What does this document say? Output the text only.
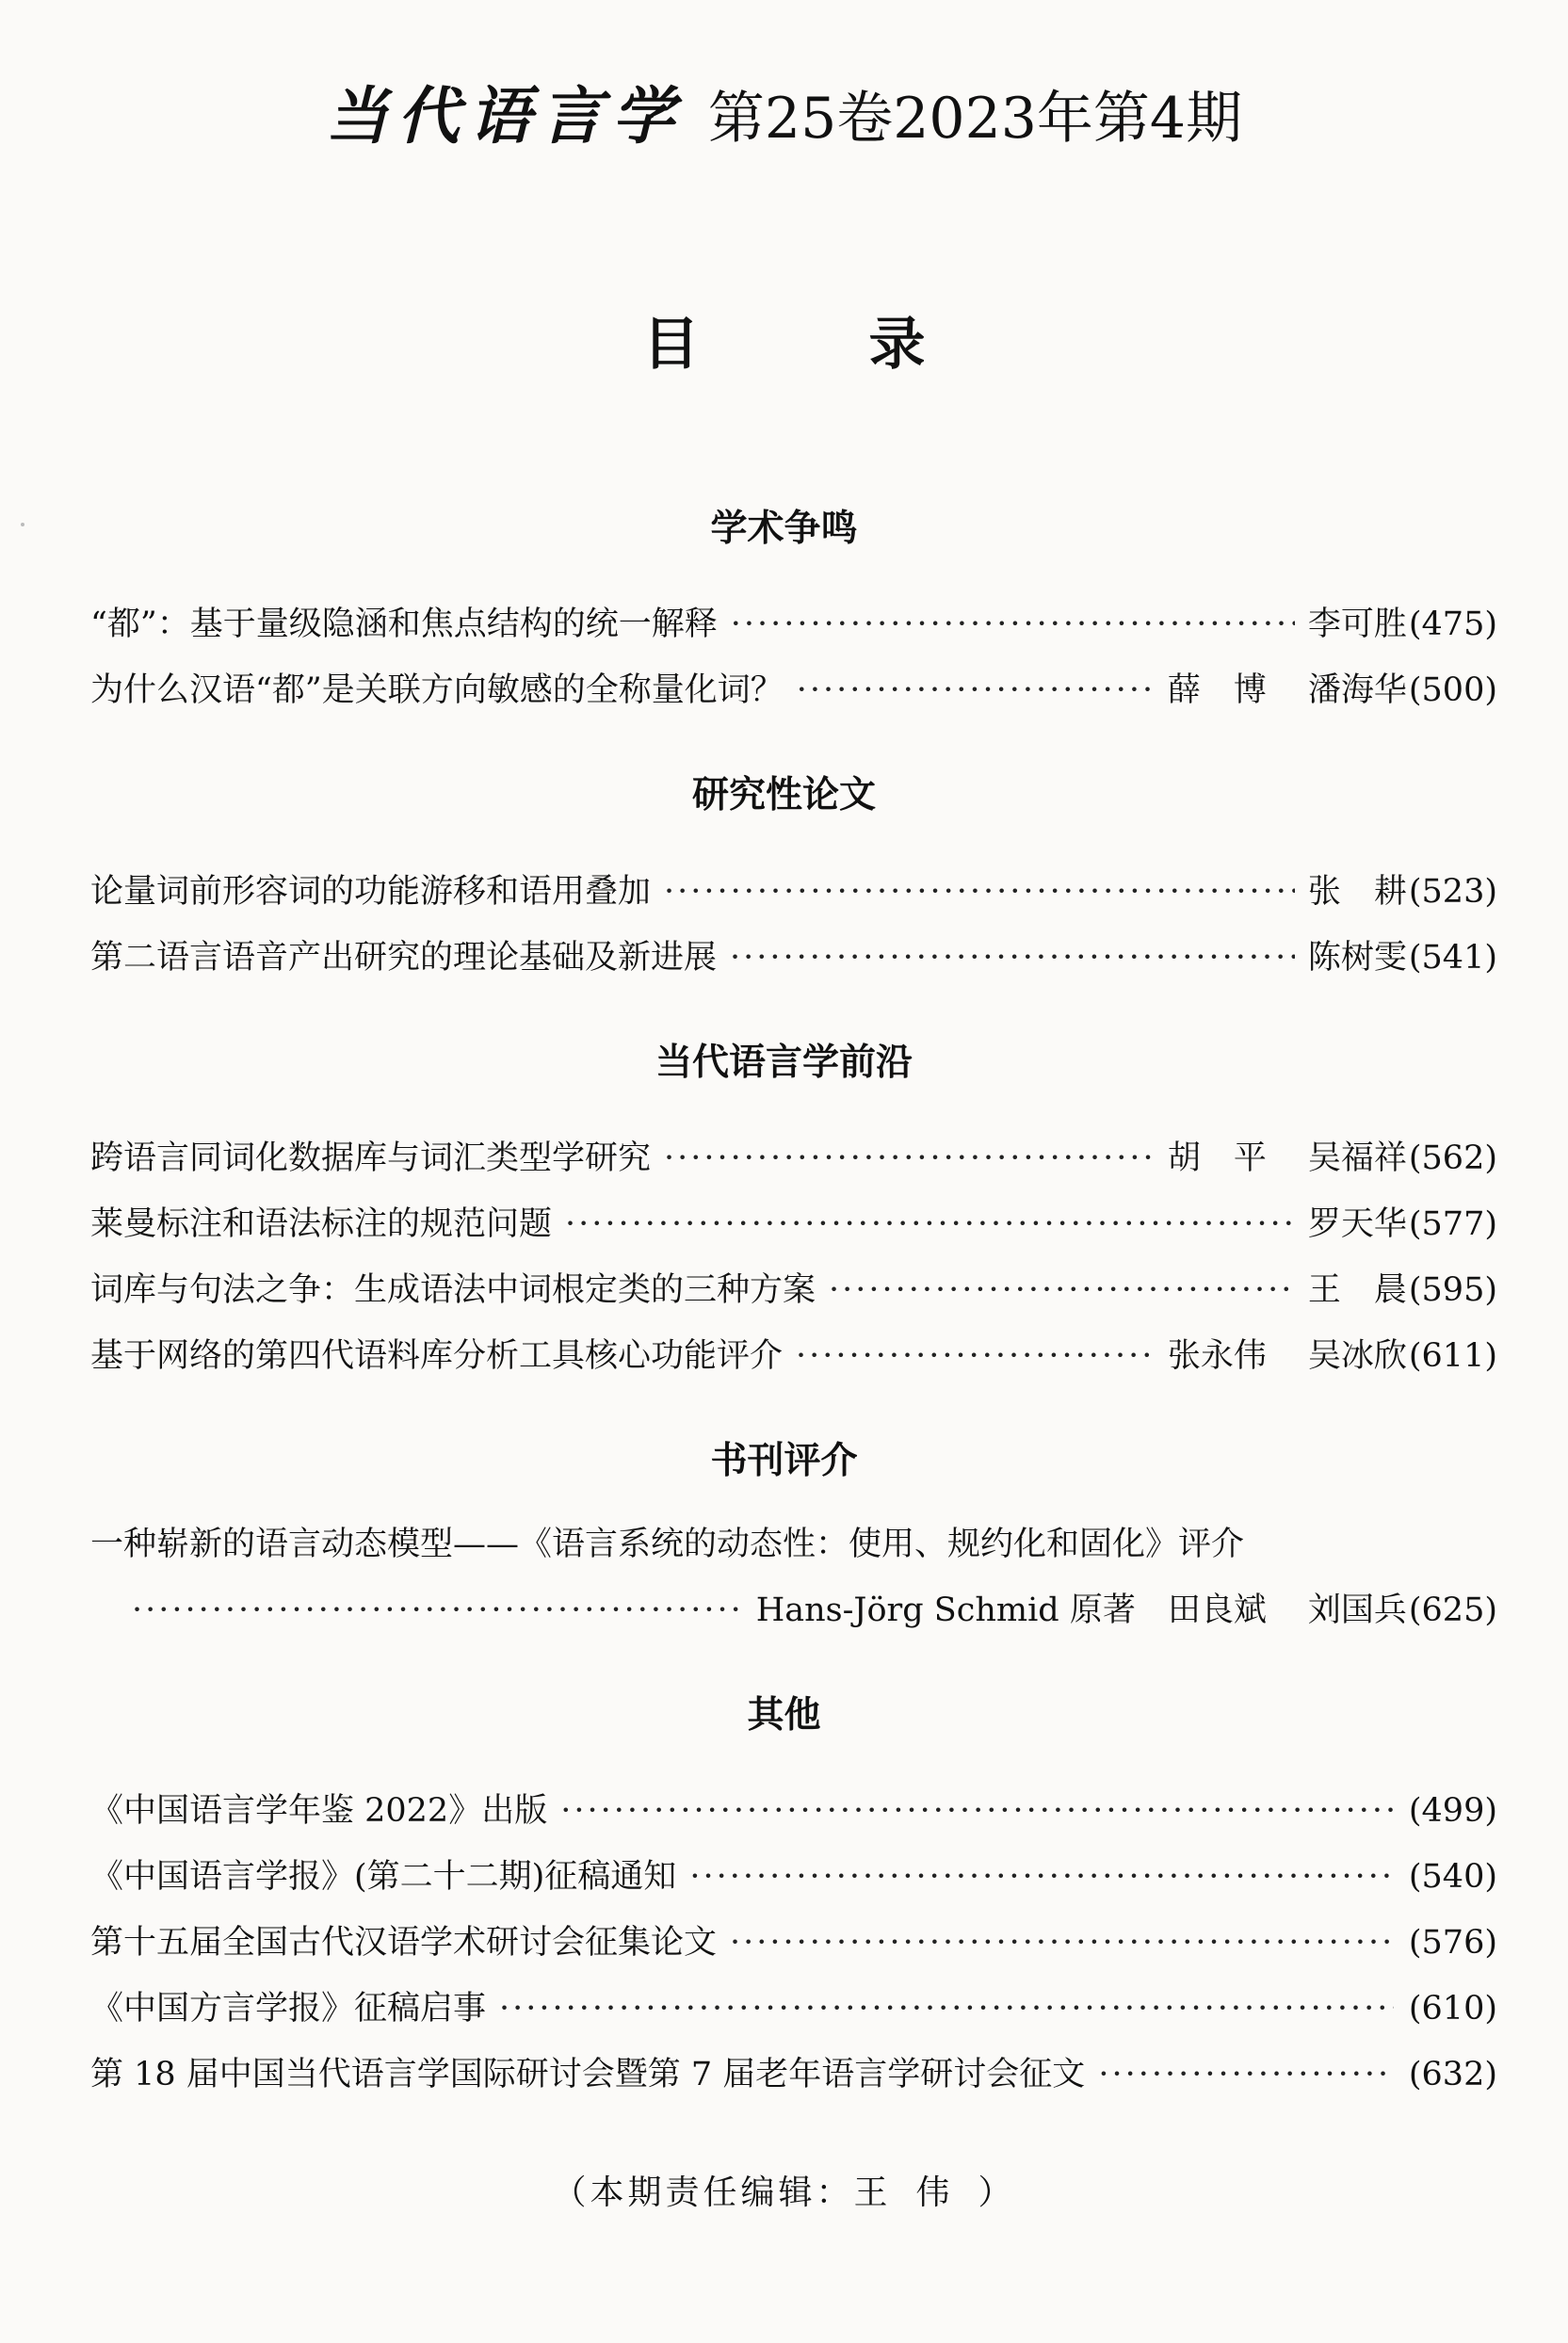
当代语言学 第25卷2023年第4期
目　录
学术争鸣
“都”：基于量级隐涵和焦点结构的统一解释 ·····	李可胜 (475)
为什么汉语“都”是关联方向敏感的全称量化词？ ·····	薛　博 潘海华 (500)
研究性论文
论量词前形容词的功能游移和语用叠加 ·····	张　耕 (523)
第二语言语音产出研究的理论基础及新进展 ·····	陈树雯 (541)
当代语言学前沿
跨语言同词化数据库与词汇类型学研究 ·····	胡　平 吴福祥 (562)
莱曼标注和语法标注的规范问题 ·····	罗天华 (577)
词库与句法之争：生成语法中词根定类的三种方案 ·····	王　晨 (595)
基于网络的第四代语料库分析工具核心功能评介 ·····	张永伟 吴冰欣 (611)
书刊评介
一种崭新的语言动态模型——《语言系统的动态性：使用、规约化和固化》评介
·····
Hans-Jörg Schmid 原著 田良斌 刘国兵 (625)
其他
《中国语言学年鉴 2022》出版 ·····	(499)
《中国语言学报》(第二十二期)征稿通知 ·····	(540)
第十五届全国古代汉语学术研讨会征集论文 ·····	(576)
《中国方言学报》征稿启事 ·····	(610)
第 18 届中国当代语言学国际研讨会暨第 7 届老年语言学研讨会征文 ·····	(632)
（本期责任编辑：王伟）
